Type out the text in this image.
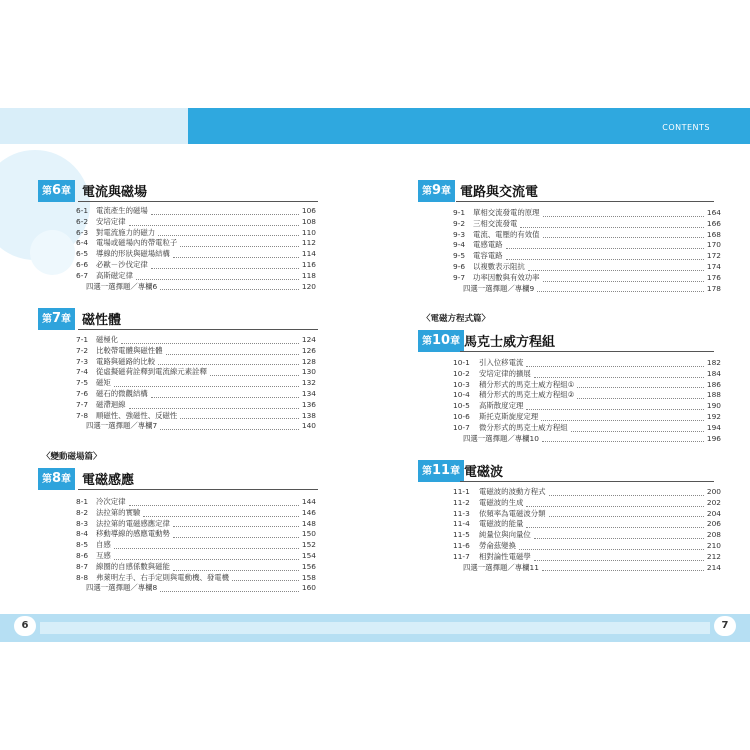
CONTENTS
第6章 電流與磁場
6-1	電流產生的磁場	106
6-2	安培定律	108
6-3	對電流施力的磁力	110
6-4	電場或磁場內的帶電粒子	112
6-5	導線的形狀與磁場結構	114
6-6	必歐－沙伐定律	116
6-7	高斯磁定律	118
四選一選擇題／專欄6	120
第7章 磁性體
7-1	磁極化	124
7-2	比較帶電體與磁性體	126
7-3	電路與磁路的比較	128
7-4	從虛擬磁荷詮釋到電流線元素詮釋	130
7-5	磁矩	132
7-6	磁石的微觀結構	134
7-7	磁滯迴線	136
7-8	順磁性、強磁性、反磁性	138
四選一選擇題／專欄7	140
〈變動磁場篇〉
第8章 電磁感應
8-1	冷次定律	144
8-2	法拉第的實驗	146
8-3	法拉第的電磁感應定律	148
8-4	移動導線的感應電動勢	150
8-5	自感	152
8-6	互感	154
8-7	線圈的自感係數與磁能	156
8-8	弗萊明左手、右手定則與電動機、發電機	158
四選一選擇題／專欄8	160
第9章 電路與交流電
9-1	單相交流發電的原理	164
9-2	三相交流發電	166
9-3	電流、電壓的有效值	168
9-4	電感電路	170
9-5	電容電路	172
9-6	以複數表示阻抗	174
9-7	功率因數與有效功率	176
四選一選擇題／專欄9	178
〈電磁方程式篇〉
第10章 馬克士威方程組
10-1	引入位移電流	182
10-2	安培定律的擴展	184
10-3	積分形式的馬克士威方程組①	186
10-4	積分形式的馬克士威方程組②	188
10-5	高斯散度定理	190
10-6	斯托克斯旋度定理	192
10-7	微分形式的馬克士威方程組	194
四選一選擇題／專欄10	196
第11章 電磁波
11-1	電磁波的波動方程式	200
11-2	電磁波的生成	202
11-3	依頻率為電磁波分類	204
11-4	電磁波的能量	206
11-5	純量位與向量位	208
11-6	勞侖茲變換	210
11-7	相對論性電磁學	212
四選一選擇題／專欄11	214
6	7
